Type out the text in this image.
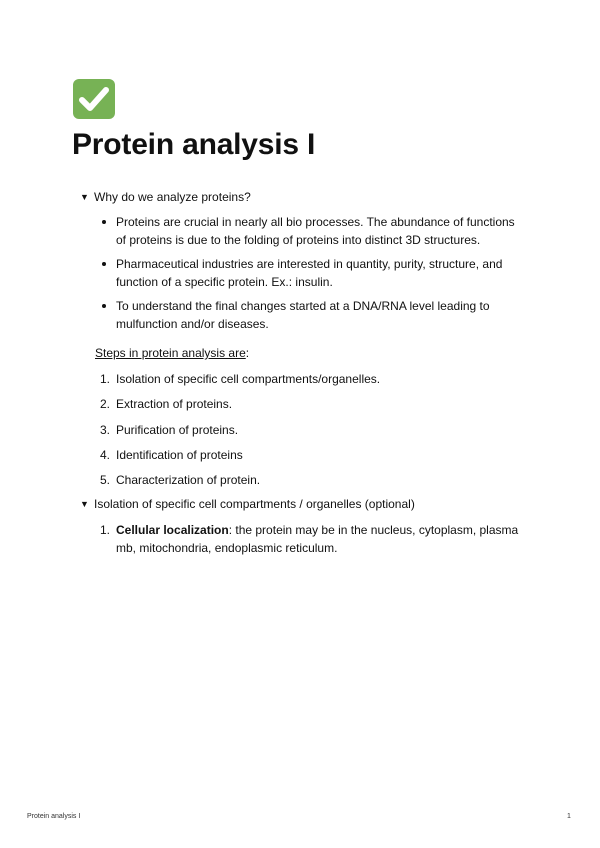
Protein analysis I
▼ Why do we analyze proteins?
Proteins are crucial in nearly all bio processes. The abundance of functions of proteins is due to the folding of proteins into distinct 3D structures.
Pharmaceutical industries are interested in quantity, purity, structure, and function of a specific protein. Ex.: insulin.
To understand the final changes started at a DNA/RNA level leading to mulfunction and/or diseases.
Steps in protein analysis are:
1. Isolation of specific cell compartments/organelles.
2. Extraction of proteins.
3. Purification of proteins.
4. Identification of proteins
5. Characterization of protein.
▼ Isolation of specific cell compartments / organelles (optional)
1. Cellular localization: the protein may be in the nucleus, cytoplasm, plasma mb, mitochondria, endoplasmic reticulum.
Protein analysis I	1
